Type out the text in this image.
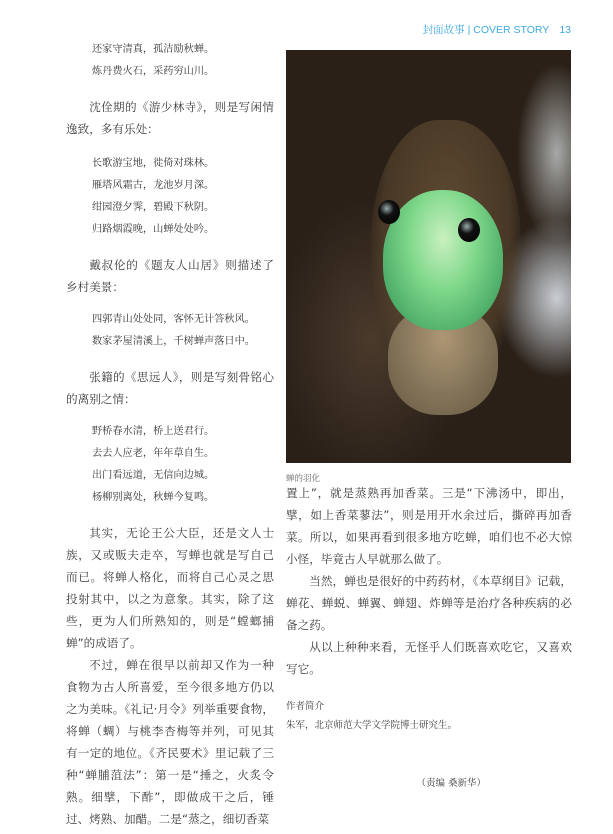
封面故事 | COVER STORY 13
还家守清真，孤洁励秋蝉。
炼丹费火石，采药穷山川。

沈佺期的《游少林寺》，则是写闲情逸致，多有乐处：

长歌游宝地，徙倚对珠林。
雁塔风霜古，龙池岁月深。
绀园澄夕霁，碧殿下秋阴。
归路烟霞晚，山蝉处处吟。

戴叔伦的《题友人山居》则描述了乡村美景：

四郭青山处处同，客怀无计答秋风。
数家茅屋清溪上，千树蝉声落日中。

张籍的《思远人》，则是写刻骨铭心的离别之情：

野桥春水清，桥上送君行。
去去人应老，年年草自生。
出门看远道，无信向边城。
杨柳别离处，秋蝉今复鸣。

其实，无论王公大臣，还是文人士族，又或贩夫走卒，写蝉也就是写自己而已。将蝉人格化，而将自己心灵之思投射其中，以之为意象。其实，除了这些，更为人们所熟知的，则是“螳螂捕蝉”的成语了。

不过，蝉在很早以前却又作为一种食物为古人所喜爱，至今很多地方仍以之为美味。《礼记·月令》列举重要食物，将蝉（蜩）与桃李杏梅等并列，可见其有一定的地位。《齐民要术》里记载了三种“蝉脯菹法”：第一是“捶之，火炙令熟。细擘，下酢”，即做成干之后，锤过、烤熟、加醋。二是“蒸之，细切香菜

蝉的羽化

置上”，就是蒸熟再加香菜。三是“下沸汤中，即出，擘，如上香菜蓼法”，则是用开水余过后，撕碎再加香菜。所以，如果再看到很多地方吃蝉，咱们也不必大惊小怪，毕竟古人早就那么做了。

当然，蝉也是很好的中药药材，《本草纲目》记载，蝉花、蝉蜕、蝉翼、蝉翅、炸蝉等是治疗各种疾病的必备之药。

从以上种种来看，无怪乎人们既喜欢吃它，又喜欢写它。

作者简介
朱军，北京师范大学文学院博士研究生。
（责编 桑新华）
